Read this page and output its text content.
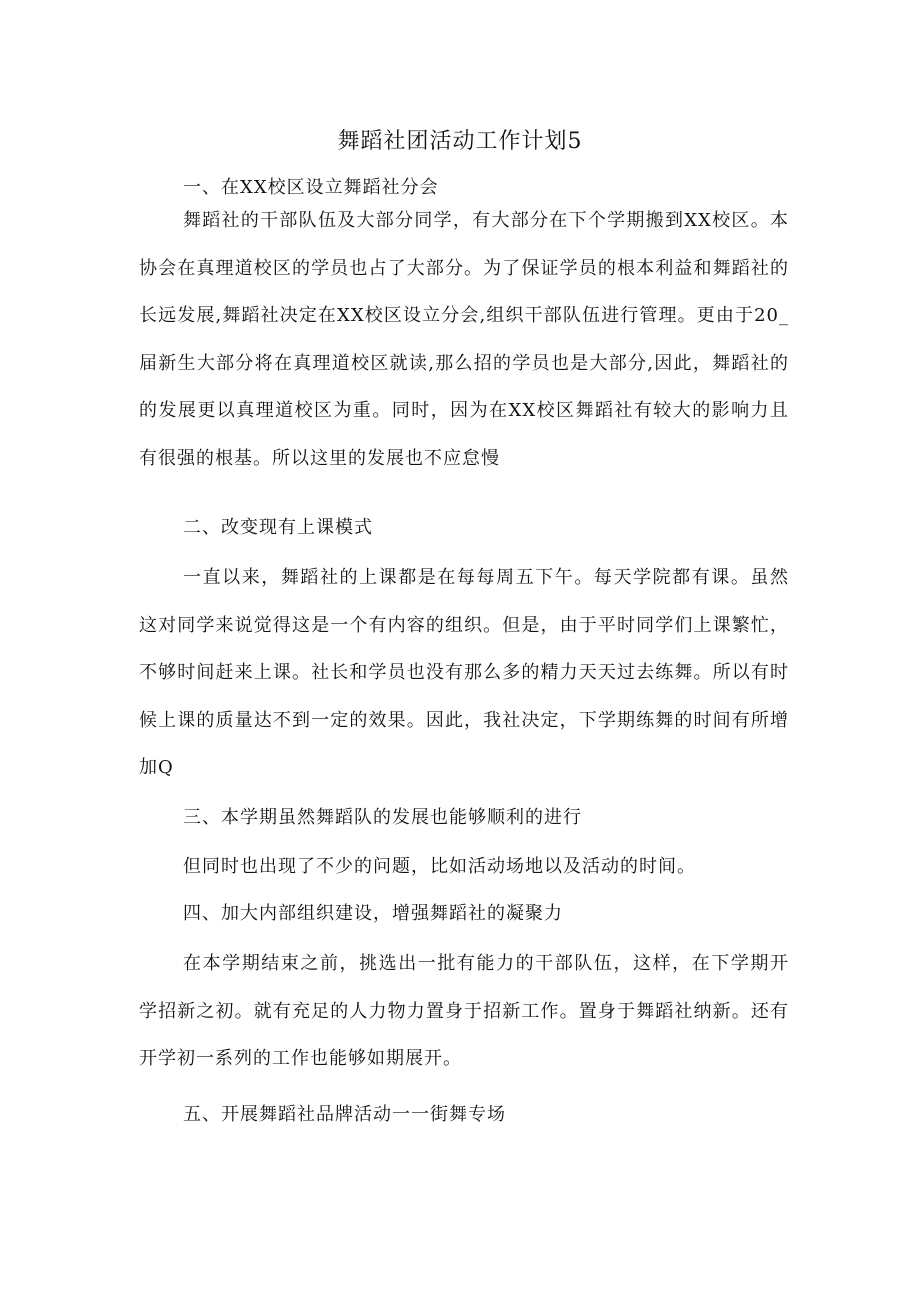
舞蹈社团活动工作计划5

一、在XX校区设立舞蹈社分会

舞蹈社的干部队伍及大部分同学，有大部分在下个学期搬到XX校区。本协会在真理道校区的学员也占了大部分。为了保证学员的根本利益和舞蹈社的长远发展,舞蹈社决定在XX校区设立分会,组织干部队伍进行管理。更由于20_届新生大部分将在真理道校区就读,那么招的学员也是大部分,因此，舞蹈社的的发展更以真理道校区为重。同时，因为在XX校区舞蹈社有较大的影响力且有很强的根基。所以这里的发展也不应怠慢

二、改变现有上课模式

一直以来，舞蹈社的上课都是在每每周五下午。每天学院都有课。虽然这对同学来说觉得这是一个有内容的组织。但是，由于平时同学们上课繁忙，不够时间赶来上课。社长和学员也没有那么多的精力天天过去练舞。所以有时候上课的质量达不到一定的效果。因此，我社决定，下学期练舞的时间有所增加Q

三、本学期虽然舞蹈队的发展也能够顺利的进行

但同时也出现了不少的问题，比如活动场地以及活动的时间。

四、加大内部组织建设，增强舞蹈社的凝聚力

在本学期结束之前，挑选出一批有能力的干部队伍，这样，在下学期开学招新之初。就有充足的人力物力置身于招新工作。置身于舞蹈社纳新。还有开学初一系列的工作也能够如期展开。

五、开展舞蹈社品牌活动一一街舞专场
